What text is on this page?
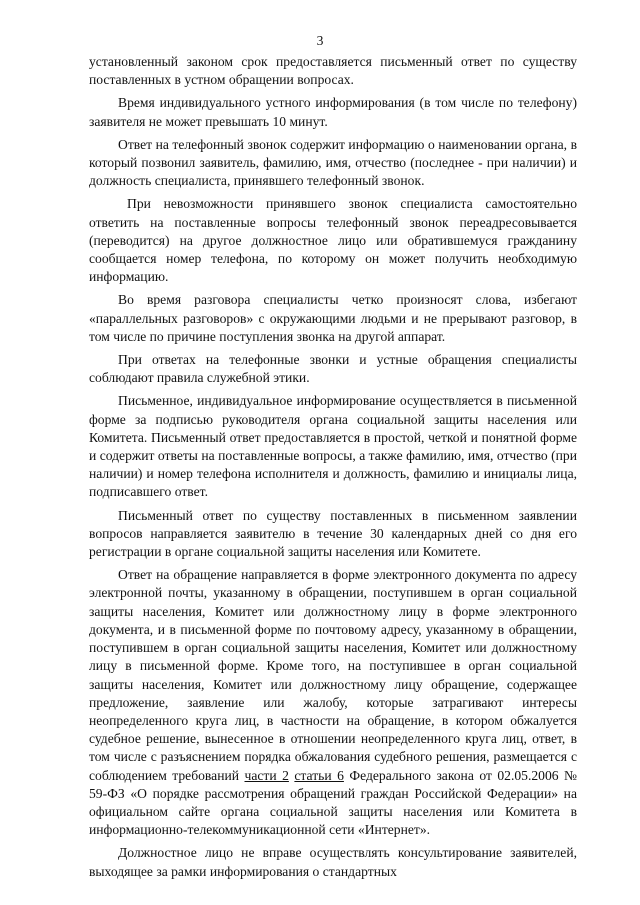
3

установленный законом срок предоставляется письменный ответ по существу поставленных в устном обращении вопросах.

Время индивидуального устного информирования (в том числе по телефону) заявителя не может превышать 10 минут.

Ответ на телефонный звонок содержит информацию о наименовании органа, в который позвонил заявитель, фамилию, имя, отчество (последнее - при наличии) и должность специалиста, принявшего телефонный звонок.

При невозможности принявшего звонок специалиста самостоятельно ответить на поставленные вопросы телефонный звонок переадресовывается (переводится) на другое должностное лицо или обратившемуся гражданину сообщается номер телефона, по которому он может получить необходимую информацию.

Во время разговора специалисты четко произносят слова, избегают «параллельных разговоров» с окружающими людьми и не прерывают разговор, в том числе по причине поступления звонка на другой аппарат.

При ответах на телефонные звонки и устные обращения специалисты соблюдают правила служебной этики.

Письменное, индивидуальное информирование осуществляется в письменной форме за подписью руководителя органа социальной защиты населения или Комитета. Письменный ответ предоставляется в простой, четкой и понятной форме и содержит ответы на поставленные вопросы, а также фамилию, имя, отчество (при наличии) и номер телефона исполнителя и должность, фамилию и инициалы лица, подписавшего ответ.

Письменный ответ по существу поставленных в письменном заявлении вопросов направляется заявителю в течение 30 календарных дней со дня его регистрации в органе социальной защиты населения или Комитете.

Ответ на обращение направляется в форме электронного документа по адресу электронной почты, указанному в обращении, поступившем в орган социальной защиты населения, Комитет или должностному лицу в форме электронного документа, и в письменной форме по почтовому адресу, указанному в обращении, поступившем в орган социальной защиты населения, Комитет или должностному лицу в письменной форме. Кроме того, на поступившее в орган социальной защиты населения, Комитет или должностному лицу обращение, содержащее предложение, заявление или жалобу, которые затрагивают интересы неопределенного круга лиц, в частности на обращение, в котором обжалуется судебное решение, вынесенное в отношении неопределенного круга лиц, ответ, в том числе с разъяснением порядка обжалования судебного решения, размещается с соблюдением требований части 2 статьи 6 Федерального закона от 02.05.2006 № 59-ФЗ «О порядке рассмотрения обращений граждан Российской Федерации» на официальном сайте органа социальной защиты населения или Комитета в информационно-телекоммуникационной сети «Интернет».

Должностное лицо не вправе осуществлять консультирование заявителей, выходящее за рамки информирования о стандартных
